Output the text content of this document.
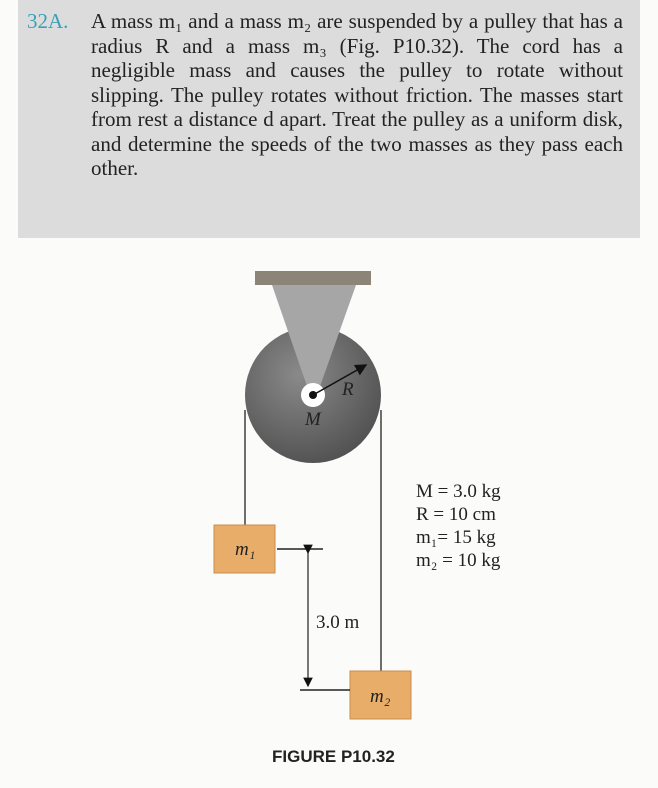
32A. A mass m₁ and a mass m₂ are suspended by a pulley that has a radius R and a mass m₃ (Fig. P10.32). The cord has a negligible mass and causes the pulley to rotate without slipping. The pulley rotates without friction. The masses start from rest a distance d apart. Treat the pulley as a uniform disk, and determine the speeds of the two masses as they pass each other.
R
M
m₁
m₂
3.0 m
M = 3.0 kg
R = 10 cm
m₁= 15 kg
m₂ = 10 kg
FIGURE P10.32
